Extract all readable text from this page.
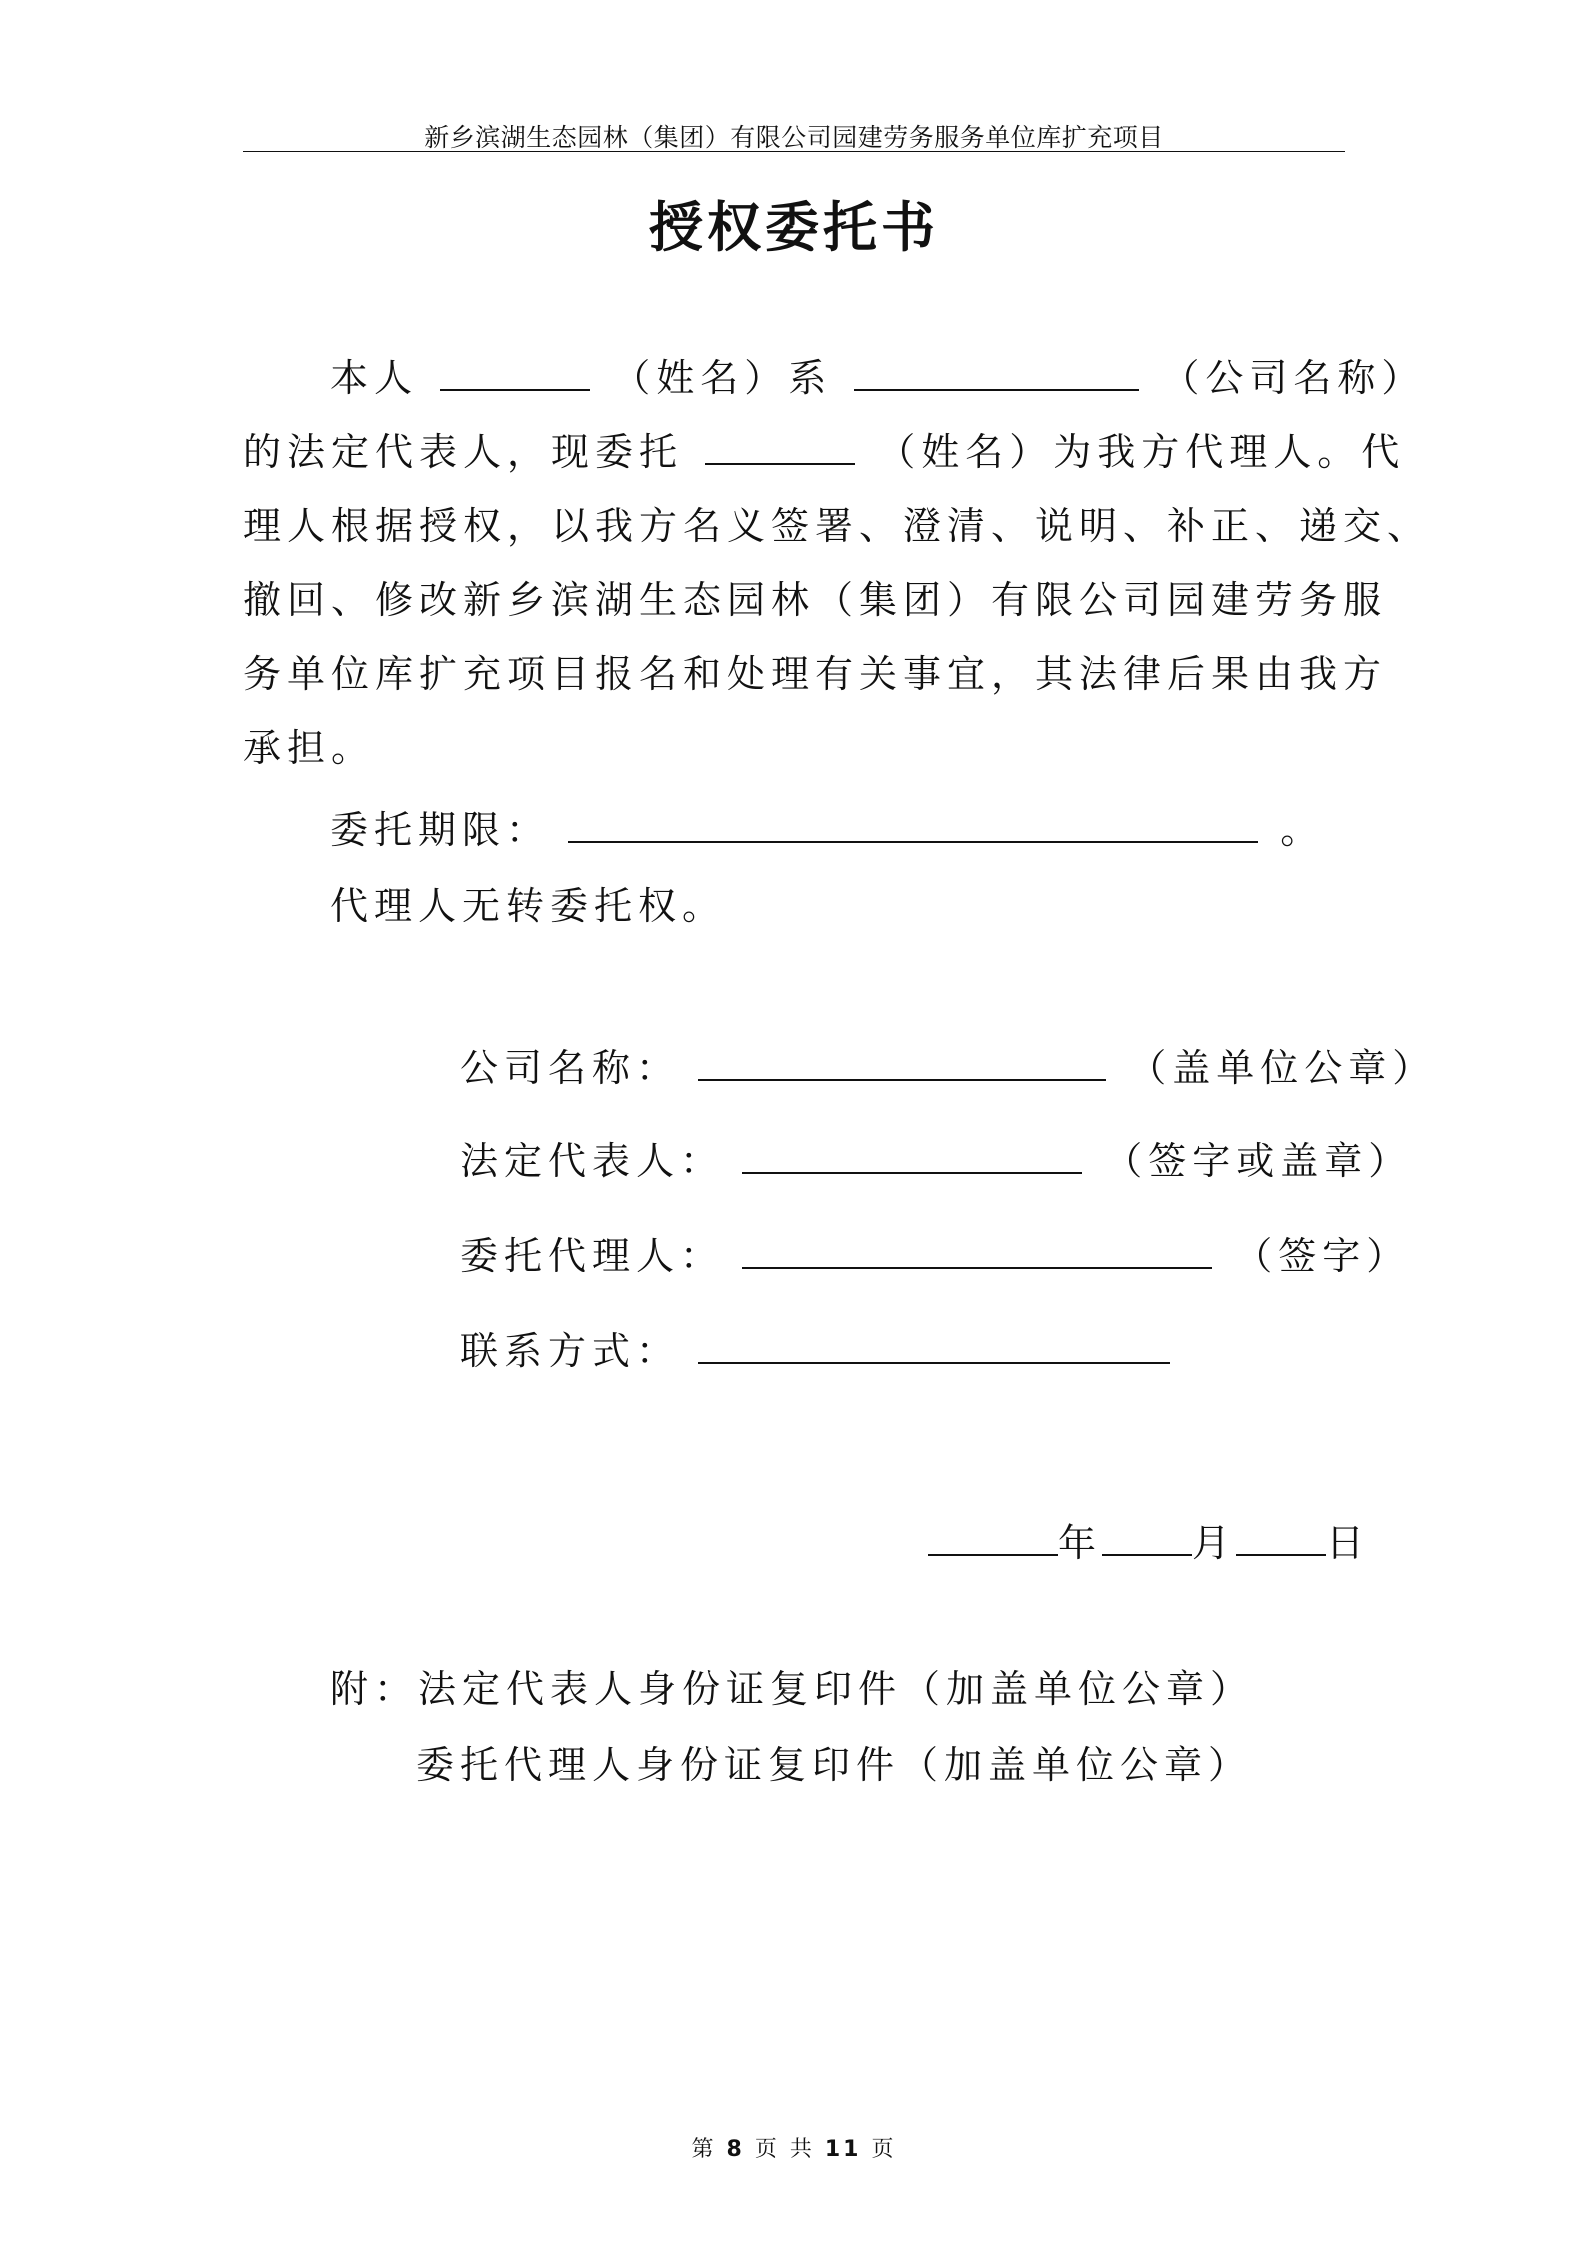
新乡滨湖生态园林（集团）有限公司园建劳务服务单位库扩充项目
授权委托书
本人	（姓名）系	（公司名称）
的法定代表人，现委托	（姓名）为我方代理人。代
理人根据授权，以我方名义签署、澄清、说明、补正、递交、
撤回、修改新乡滨湖生态园林（集团）有限公司园建劳务服
务单位库扩充项目报名和处理有关事宜，其法律后果由我方
承担。
委托期限：	。
代理人无转委托权。
公司名称：	（盖单位公章）
法定代表人：	（签字或盖章）
委托代理人：	（签字）
联系方式：
年 月 日
附：法定代表人身份证复印件（加盖单位公章）
委托代理人身份证复印件（加盖单位公章）
第 8 页 共 11 页
